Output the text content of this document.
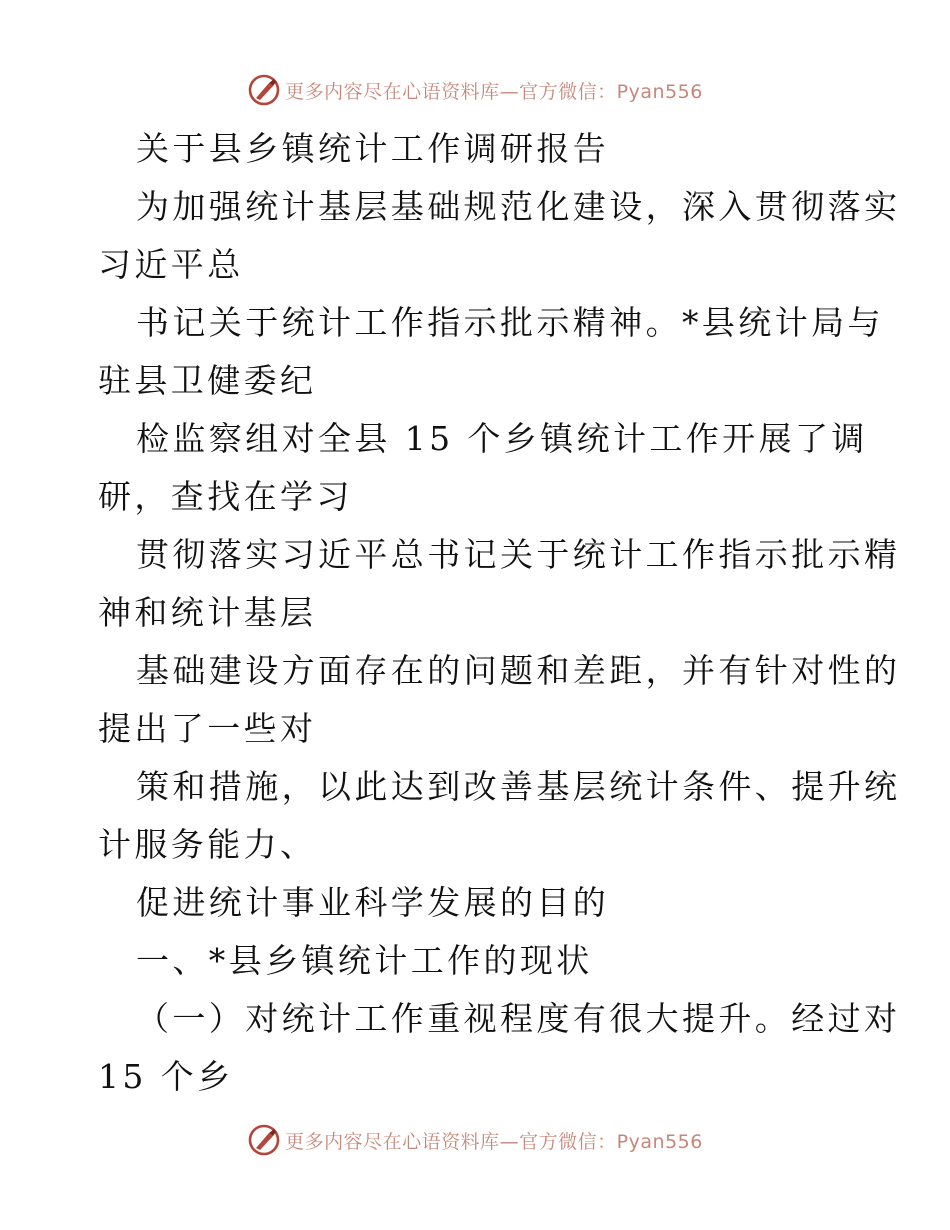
更多内容尽在心语资料库—官方微信：Pyan556
关于县乡镇统计工作调研报告
为加强统计基层基础规范化建设，深入贯彻落实
习近平总
书记关于统计工作指示批示精神。*县统计局与
驻县卫健委纪
检监察组对全县 15 个乡镇统计工作开展了调
研，查找在学习
贯彻落实习近平总书记关于统计工作指示批示精
神和统计基层
基础建设方面存在的问题和差距，并有针对性的
提出了一些对
策和措施，以此达到改善基层统计条件、提升统
计服务能力、
促进统计事业科学发展的目的
一、*县乡镇统计工作的现状
（一）对统计工作重视程度有很大提升。经过对
15 个乡
更多内容尽在心语资料库—官方微信：Pyan556
